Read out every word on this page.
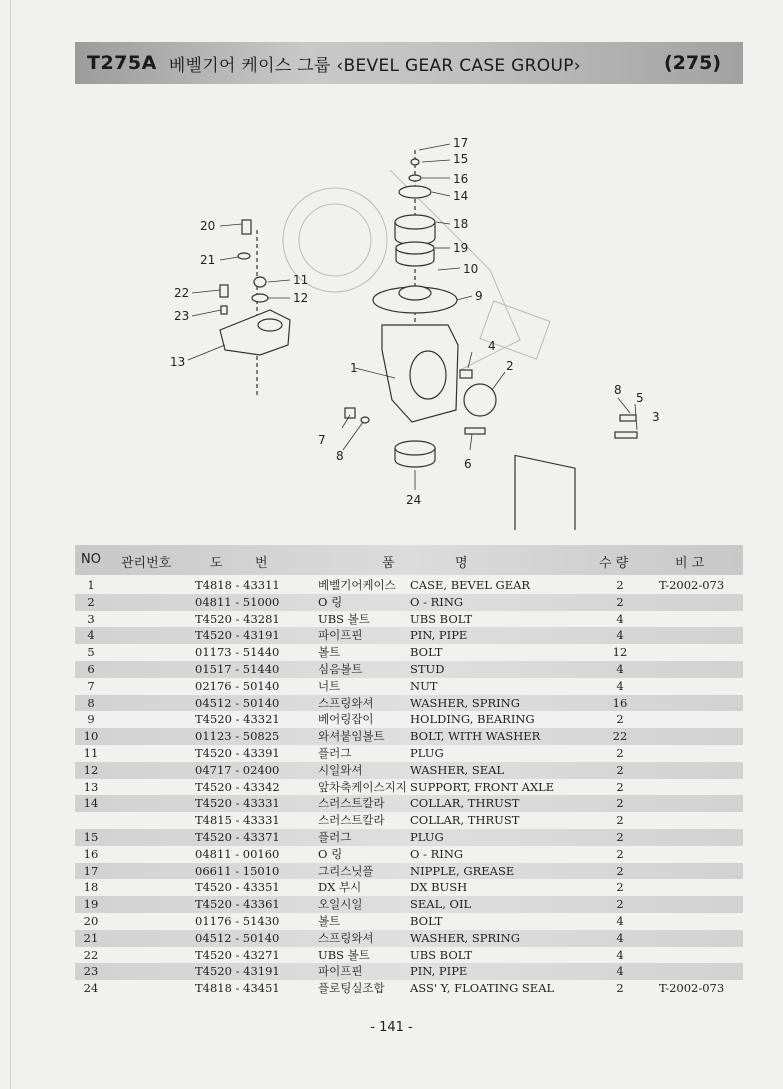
T275A 베벨기어 케이스 그룹 ‹BEVEL GEAR CASE GROUP›	(275)
17
15
16
14
18
19
10
9
11
12
20
21
22
23
13
4
2
1
8
5
3
7
8
6
24
NO 관리번호	도 번	품	명	수 량	비 고
1	T4818 - 43311	베벨기어케이스 CASE, BEVEL GEAR	2	T-2002-073
2	04811 - 51000	O 링	O - RING	2
3	T4520 - 43281	UBS 볼트	UBS BOLT	4
4	T4520 - 43191	파이프핀	PIN, PIPE	4
5	01173 - 51440	볼트	BOLT	12
6	01517 - 51440	심음볼트	STUD	4
7	02176 - 50140	너트	NUT	4
8	04512 - 50140	스프링와셔	WASHER, SPRING	16
9	T4520 - 43321	베어링잡이	HOLDING, BEARING	2
10	01123 - 50825	와셔붙임볼트 BOLT, WITH WASHER	22
11	T4520 - 43391	플러그	PLUG	2
12	04717 - 02400	시일와셔	WASHER, SEAL	2
13	T4520 - 43342	앞차축케이스지지 SUPPORT, FRONT AXLE	2
14	T4520 - 43331	스러스트칼라 COLLAR, THRUST	2
T4815 - 43331	스러스트칼라 COLLAR, THRUST	2
15	T4520 - 43371	플러그	PLUG	2
16	04811 - 00160	O 링	O - RING	2
17	06611 - 15010	그리스닛플	NIPPLE, GREASE	2
18	T4520 - 43351	DX 부시	DX BUSH	2
19	T4520 - 43361	오일시일	SEAL, OIL	2
20	01176 - 51430	볼트	BOLT	4
21	04512 - 50140	스프링와셔	WASHER, SPRING	4
22	T4520 - 43271	UBS 볼트	UBS BOLT	4
23	T4520 - 43191	파이프핀	PIN, PIPE	4
24	T4818 - 43451	플로팅실조합 ASS' Y, FLOATING SEAL	2	T-2002-073
- 141 -
